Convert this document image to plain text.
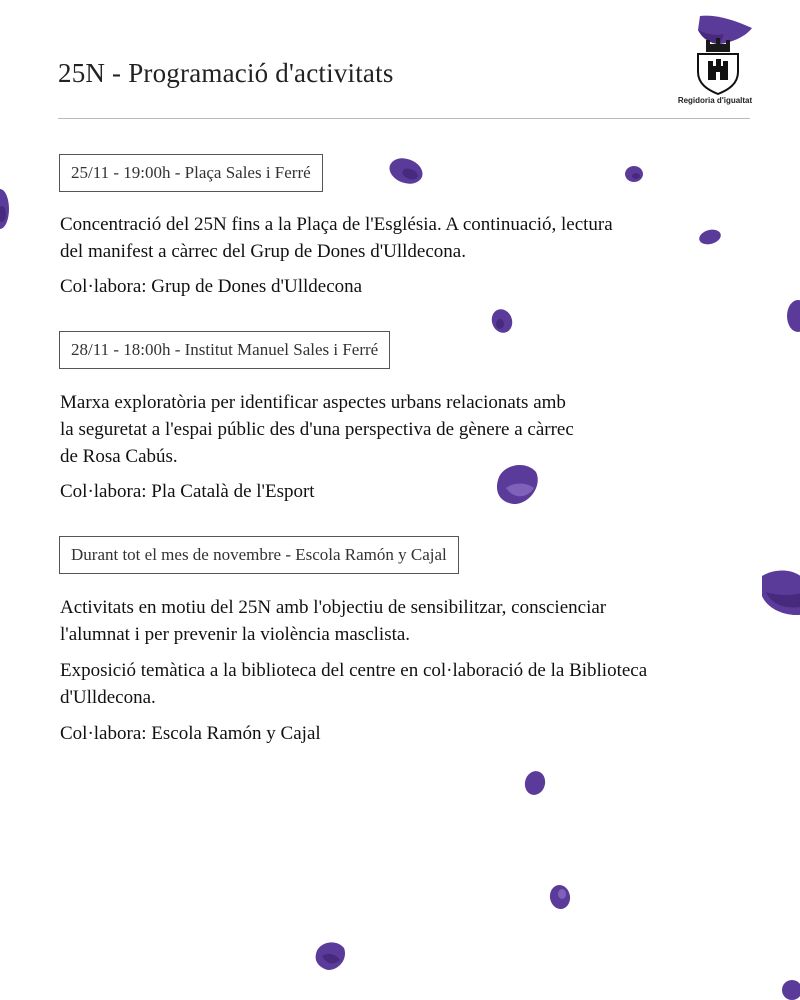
25N - Programació d'activitats
Regidoria d'igualtat
25/11 - 19:00h - Plaça Sales i Ferré
Concentració del 25N fins a la Plaça de l'Església. A continuació, lectura
del manifest a càrrec del Grup de Dones d'Ulldecona.
Col·labora: Grup de Dones d'Ulldecona
28/11 - 18:00h - Institut Manuel Sales i Ferré
Marxa exploratòria per identificar aspectes urbans relacionats amb
la seguretat a l'espai públic des d'una perspectiva de gènere a càrrec
de Rosa Cabús.
Col·labora: Pla Català de l'Esport
Durant tot el mes de novembre - Escola Ramón y Cajal
Activitats en motiu del 25N amb l'objectiu de sensibilitzar, conscienciar
l'alumnat i per prevenir la violència masclista.
Exposició temàtica a la biblioteca del centre en col·laboració de la Biblioteca
d'Ulldecona.
Col·labora: Escola Ramón y Cajal
